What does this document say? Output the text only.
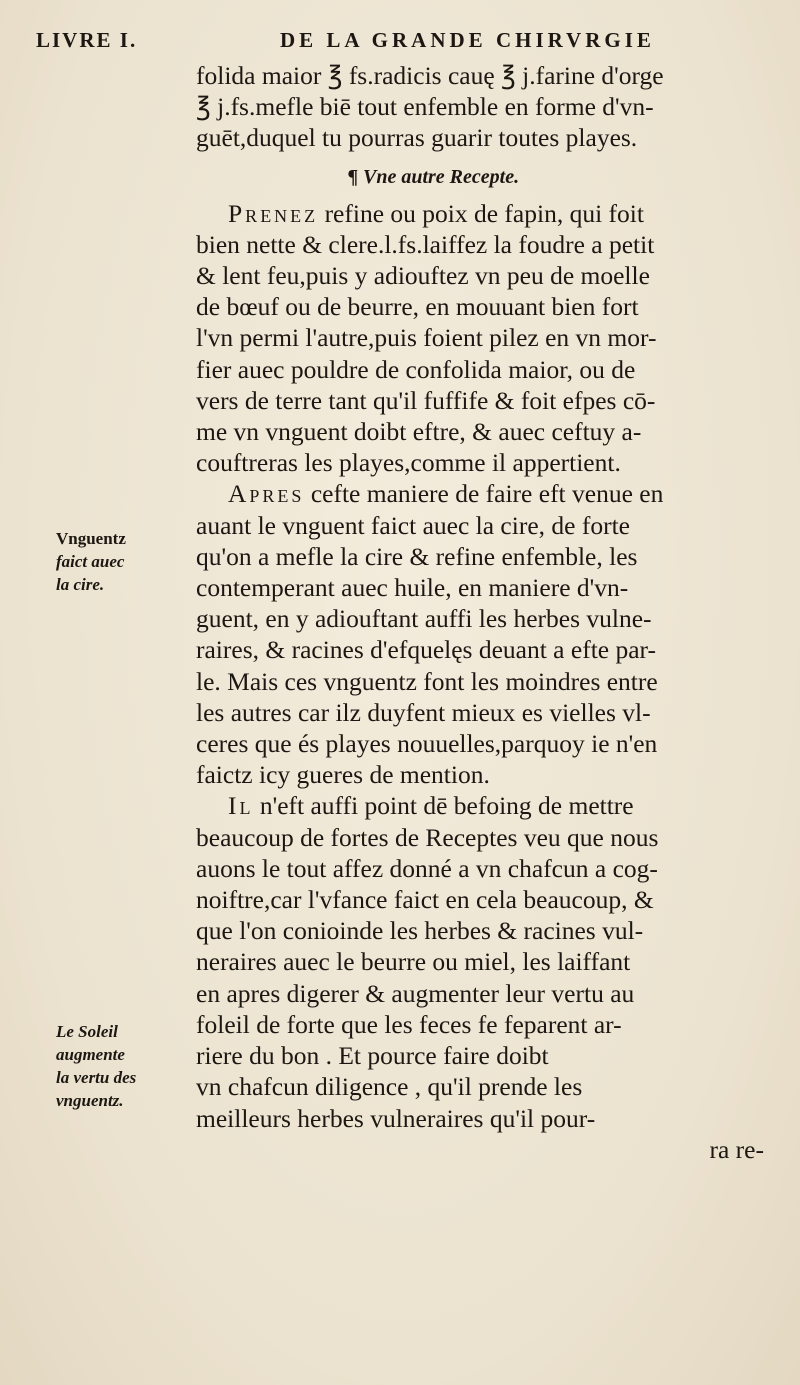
LIVRE I.	DE LA GRANDE CHIRVRGIE
Vnguentz
faict auec
la cire.
Le Soleil
augmente
la vertu des
vnguentz.
folida maior ℥ fs.radicis cauę ℥ j.farine d'orge
℥ j.fs.mefle biē tout enfemble en forme d'vn-
guēt,duquel tu pourras guarir toutes playes.
¶ Vne autre Recepte.
Prenez refine ou poix de fapin, qui foit
bien nette & clere.l.fs.laiffez la foudre a petit
& lent feu,puis y adiouftez vn peu de moelle
de bœuf ou de beurre, en mouuant bien fort
l'vn permi l'autre,puis foient pilez en vn mor-
fier auec pouldre de confolida maior, ou de
vers de terre tant qu'il fuffife & foit efpes cō-
me vn vnguent doibt eftre, & auec ceftuy a-
couftreras les playes,comme il appertient.
Apres cefte maniere de faire eft venue en
auant le vnguent faict auec la cire, de forte
qu'on a mefle la cire & refine enfemble, les
contemperant auec huile, en maniere d'vn-
guent, en y adiouftant auffi les herbes vulne-
raires, & racines d'efquelęs deuant a efte par-
le. Mais ces vnguentz font les moindres entre
les autres car ilz duyfent mieux es vielles vl-
ceres que és playes nouuelles,parquoy ie n'en
faictz icy gueres de mention.
Il n'eft auffi point dē befoing de mettre
beaucoup de fortes de Receptes veu que nous
auons le tout affez donné a vn chafcun a cog-
noiftre,car l'vfance faict en cela beaucoup, &
que l'on conioinde les herbes & racines vul-
neraires auec le beurre ou miel, les laiffant
en apres digerer & augmenter leur vertu au
foleil de forte que les feces fe feparent ar-
riere du bon . Et pource faire doibt
vn chafcun diligence , qu'il prende les
meilleurs herbes vulneraires qu'il pour-
ra re-
